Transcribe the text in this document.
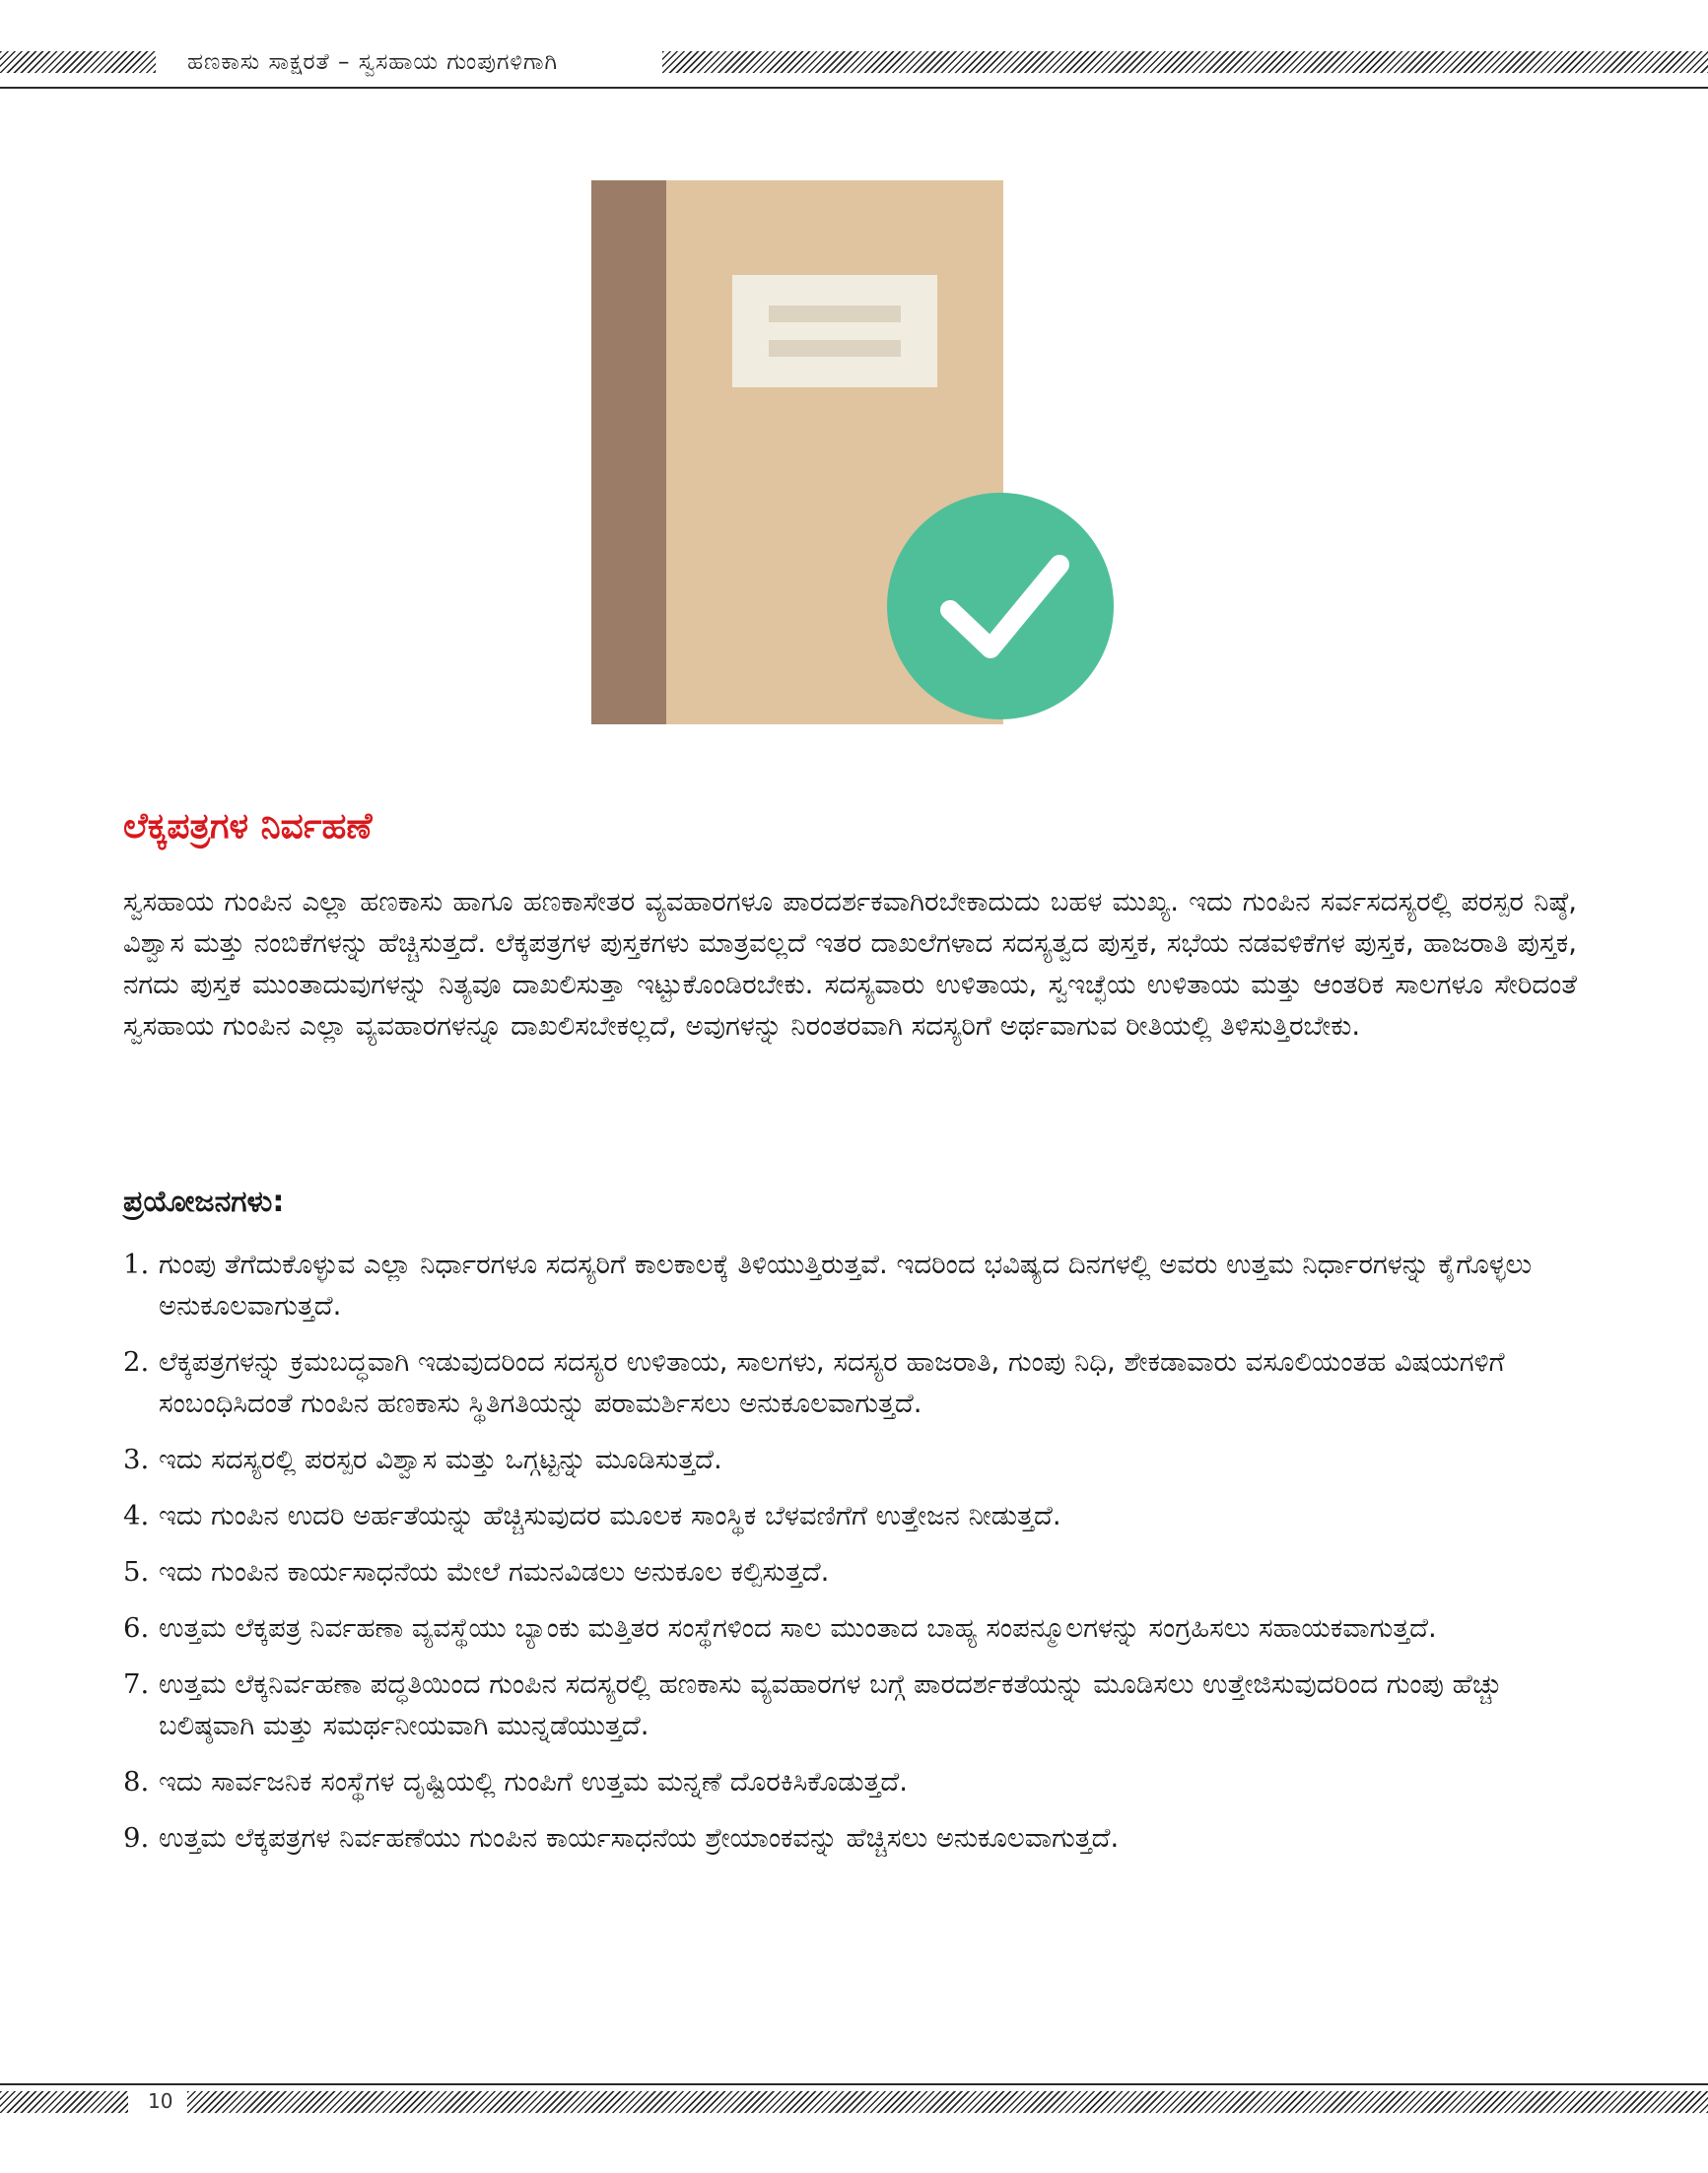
ಹಣಕಾಸು ಸಾಕ್ಷರತೆ – ಸ್ವಸಹಾಯ ಗುಂಪುಗಳಿಗಾಗಿ
ಲೆಕ್ಕಪತ್ರಗಳ ನಿರ್ವಹಣೆ
ಸ್ವಸಹಾಯ ಗುಂಪಿನ ಎಲ್ಲಾ ಹಣಕಾಸು ಹಾಗೂ ಹಣಕಾಸೇತರ ವ್ಯವಹಾರಗಳೂ ಪಾರದರ್ಶಕವಾಗಿರಬೇಕಾದುದು ಬಹಳ ಮುಖ್ಯ. ಇದು ಗುಂಪಿನ ಸರ್ವಸದಸ್ಯರಲ್ಲಿ ಪರಸ್ಪರ ನಿಷ್ಠೆ, ವಿಶ್ವಾಸ ಮತ್ತು ನಂಬಿಕೆಗಳನ್ನು ಹೆಚ್ಚಿಸುತ್ತದೆ. ಲೆಕ್ಕಪತ್ರಗಳ ಪುಸ್ತಕಗಳು ಮಾತ್ರವಲ್ಲದೆ ಇತರ ದಾಖಲೆಗಳಾದ ಸದಸ್ಯತ್ವದ ಪುಸ್ತಕ, ಸಭೆಯ ನಡವಳಿಕೆಗಳ ಪುಸ್ತಕ, ಹಾಜರಾತಿ ಪುಸ್ತಕ, ನಗದು ಪುಸ್ತಕ ಮುಂತಾದುವುಗಳನ್ನು ನಿತ್ಯವೂ ದಾಖಲಿಸುತ್ತಾ ಇಟ್ಟುಕೊಂಡಿರಬೇಕು. ಸದಸ್ಯವಾರು ಉಳಿತಾಯ, ಸ್ವಇಚ್ಛೆಯ ಉಳಿತಾಯ ಮತ್ತು ಆಂತರಿಕ ಸಾಲಗಳೂ ಸೇರಿದಂತೆ ಸ್ವಸಹಾಯ ಗುಂಪಿನ ಎಲ್ಲಾ ವ್ಯವಹಾರಗಳನ್ನೂ ದಾಖಲಿಸಬೇಕಲ್ಲದೆ, ಅವುಗಳನ್ನು ನಿರಂತರವಾಗಿ ಸದಸ್ಯರಿಗೆ ಅರ್ಥವಾಗುವ ರೀತಿಯಲ್ಲಿ ತಿಳಿಸುತ್ತಿರಬೇಕು.
ಪ್ರಯೋಜನಗಳು:
1. ಗುಂಪು ತೆಗೆದುಕೊಳ್ಳುವ ಎಲ್ಲಾ ನಿರ್ಧಾರಗಳೂ ಸದಸ್ಯರಿಗೆ ಕಾಲಕಾಲಕ್ಕೆ ತಿಳಿಯುತ್ತಿರುತ್ತವೆ. ಇದರಿಂದ ಭವಿಷ್ಯದ ದಿನಗಳಲ್ಲಿ ಅವರು ಉತ್ತಮ ನಿರ್ಧಾರಗಳನ್ನು ಕೈಗೊಳ್ಳಲು ಅನುಕೂಲವಾಗುತ್ತದೆ.
2. ಲೆಕ್ಕಪತ್ರಗಳನ್ನು ಕ್ರಮಬದ್ಧವಾಗಿ ಇಡುವುದರಿಂದ ಸದಸ್ಯರ ಉಳಿತಾಯ, ಸಾಲಗಳು, ಸದಸ್ಯರ ಹಾಜರಾತಿ, ಗುಂಪು ನಿಧಿ, ಶೇಕಡಾವಾರು ವಸೂಲಿಯಂತಹ ವಿಷಯಗಳಿಗೆ ಸಂಬಂಧಿಸಿದಂತೆ ಗುಂಪಿನ ಹಣಕಾಸು ಸ್ಥಿತಿಗತಿಯನ್ನು ಪರಾಮರ್ಶಿಸಲು ಅನುಕೂಲವಾಗುತ್ತದೆ.
3. ಇದು ಸದಸ್ಯರಲ್ಲಿ ಪರಸ್ಪರ ವಿಶ್ವಾಸ ಮತ್ತು ಒಗ್ಗಟ್ಟನ್ನು ಮೂಡಿಸುತ್ತದೆ.
4. ಇದು ಗುಂಪಿನ ಉದರಿ ಅರ್ಹತೆಯನ್ನು ಹೆಚ್ಚಿಸುವುದರ ಮೂಲಕ ಸಾಂಸ್ಥಿಕ ಬೆಳವಣಿಗೆಗೆ ಉತ್ತೇಜನ ನೀಡುತ್ತದೆ.
5. ಇದು ಗುಂಪಿನ ಕಾರ್ಯಸಾಧನೆಯ ಮೇಲೆ ಗಮನವಿಡಲು ಅನುಕೂಲ ಕಲ್ಪಿಸುತ್ತದೆ.
6. ಉತ್ತಮ ಲೆಕ್ಕಪತ್ರ ನಿರ್ವಹಣಾ ವ್ಯವಸ್ಥೆಯು ಬ್ಯಾಂಕು ಮತ್ತಿತರ ಸಂಸ್ಥೆಗಳಿಂದ ಸಾಲ ಮುಂತಾದ ಬಾಹ್ಯ ಸಂಪನ್ಮೂಲಗಳನ್ನು ಸಂಗ್ರಹಿಸಲು ಸಹಾಯಕವಾಗುತ್ತದೆ.
7. ಉತ್ತಮ ಲೆಕ್ಕನಿರ್ವಹಣಾ ಪದ್ಧತಿಯಿಂದ ಗುಂಪಿನ ಸದಸ್ಯರಲ್ಲಿ ಹಣಕಾಸು ವ್ಯವಹಾರಗಳ ಬಗ್ಗೆ ಪಾರದರ್ಶಕತೆಯನ್ನು ಮೂಡಿಸಲು ಉತ್ತೇಜಿಸುವುದರಿಂದ ಗುಂಪು ಹೆಚ್ಚು ಬಲಿಷ್ಠವಾಗಿ ಮತ್ತು ಸಮರ್ಥನೀಯವಾಗಿ ಮುನ್ನಡೆಯುತ್ತದೆ.
8. ಇದು ಸಾರ್ವಜನಿಕ ಸಂಸ್ಥೆಗಳ ದೃಷ್ಟಿಯಲ್ಲಿ ಗುಂಪಿಗೆ ಉತ್ತಮ ಮನ್ನಣೆ ದೊರಕಿಸಿಕೊಡುತ್ತದೆ.
9. ಉತ್ತಮ ಲೆಕ್ಕಪತ್ರಗಳ ನಿರ್ವಹಣೆಯು ಗುಂಪಿನ ಕಾರ್ಯಸಾಧನೆಯ ಶ್ರೇಯಾಂಕವನ್ನು ಹೆಚ್ಚಿಸಲು ಅನುಕೂಲವಾಗುತ್ತದೆ.
10
